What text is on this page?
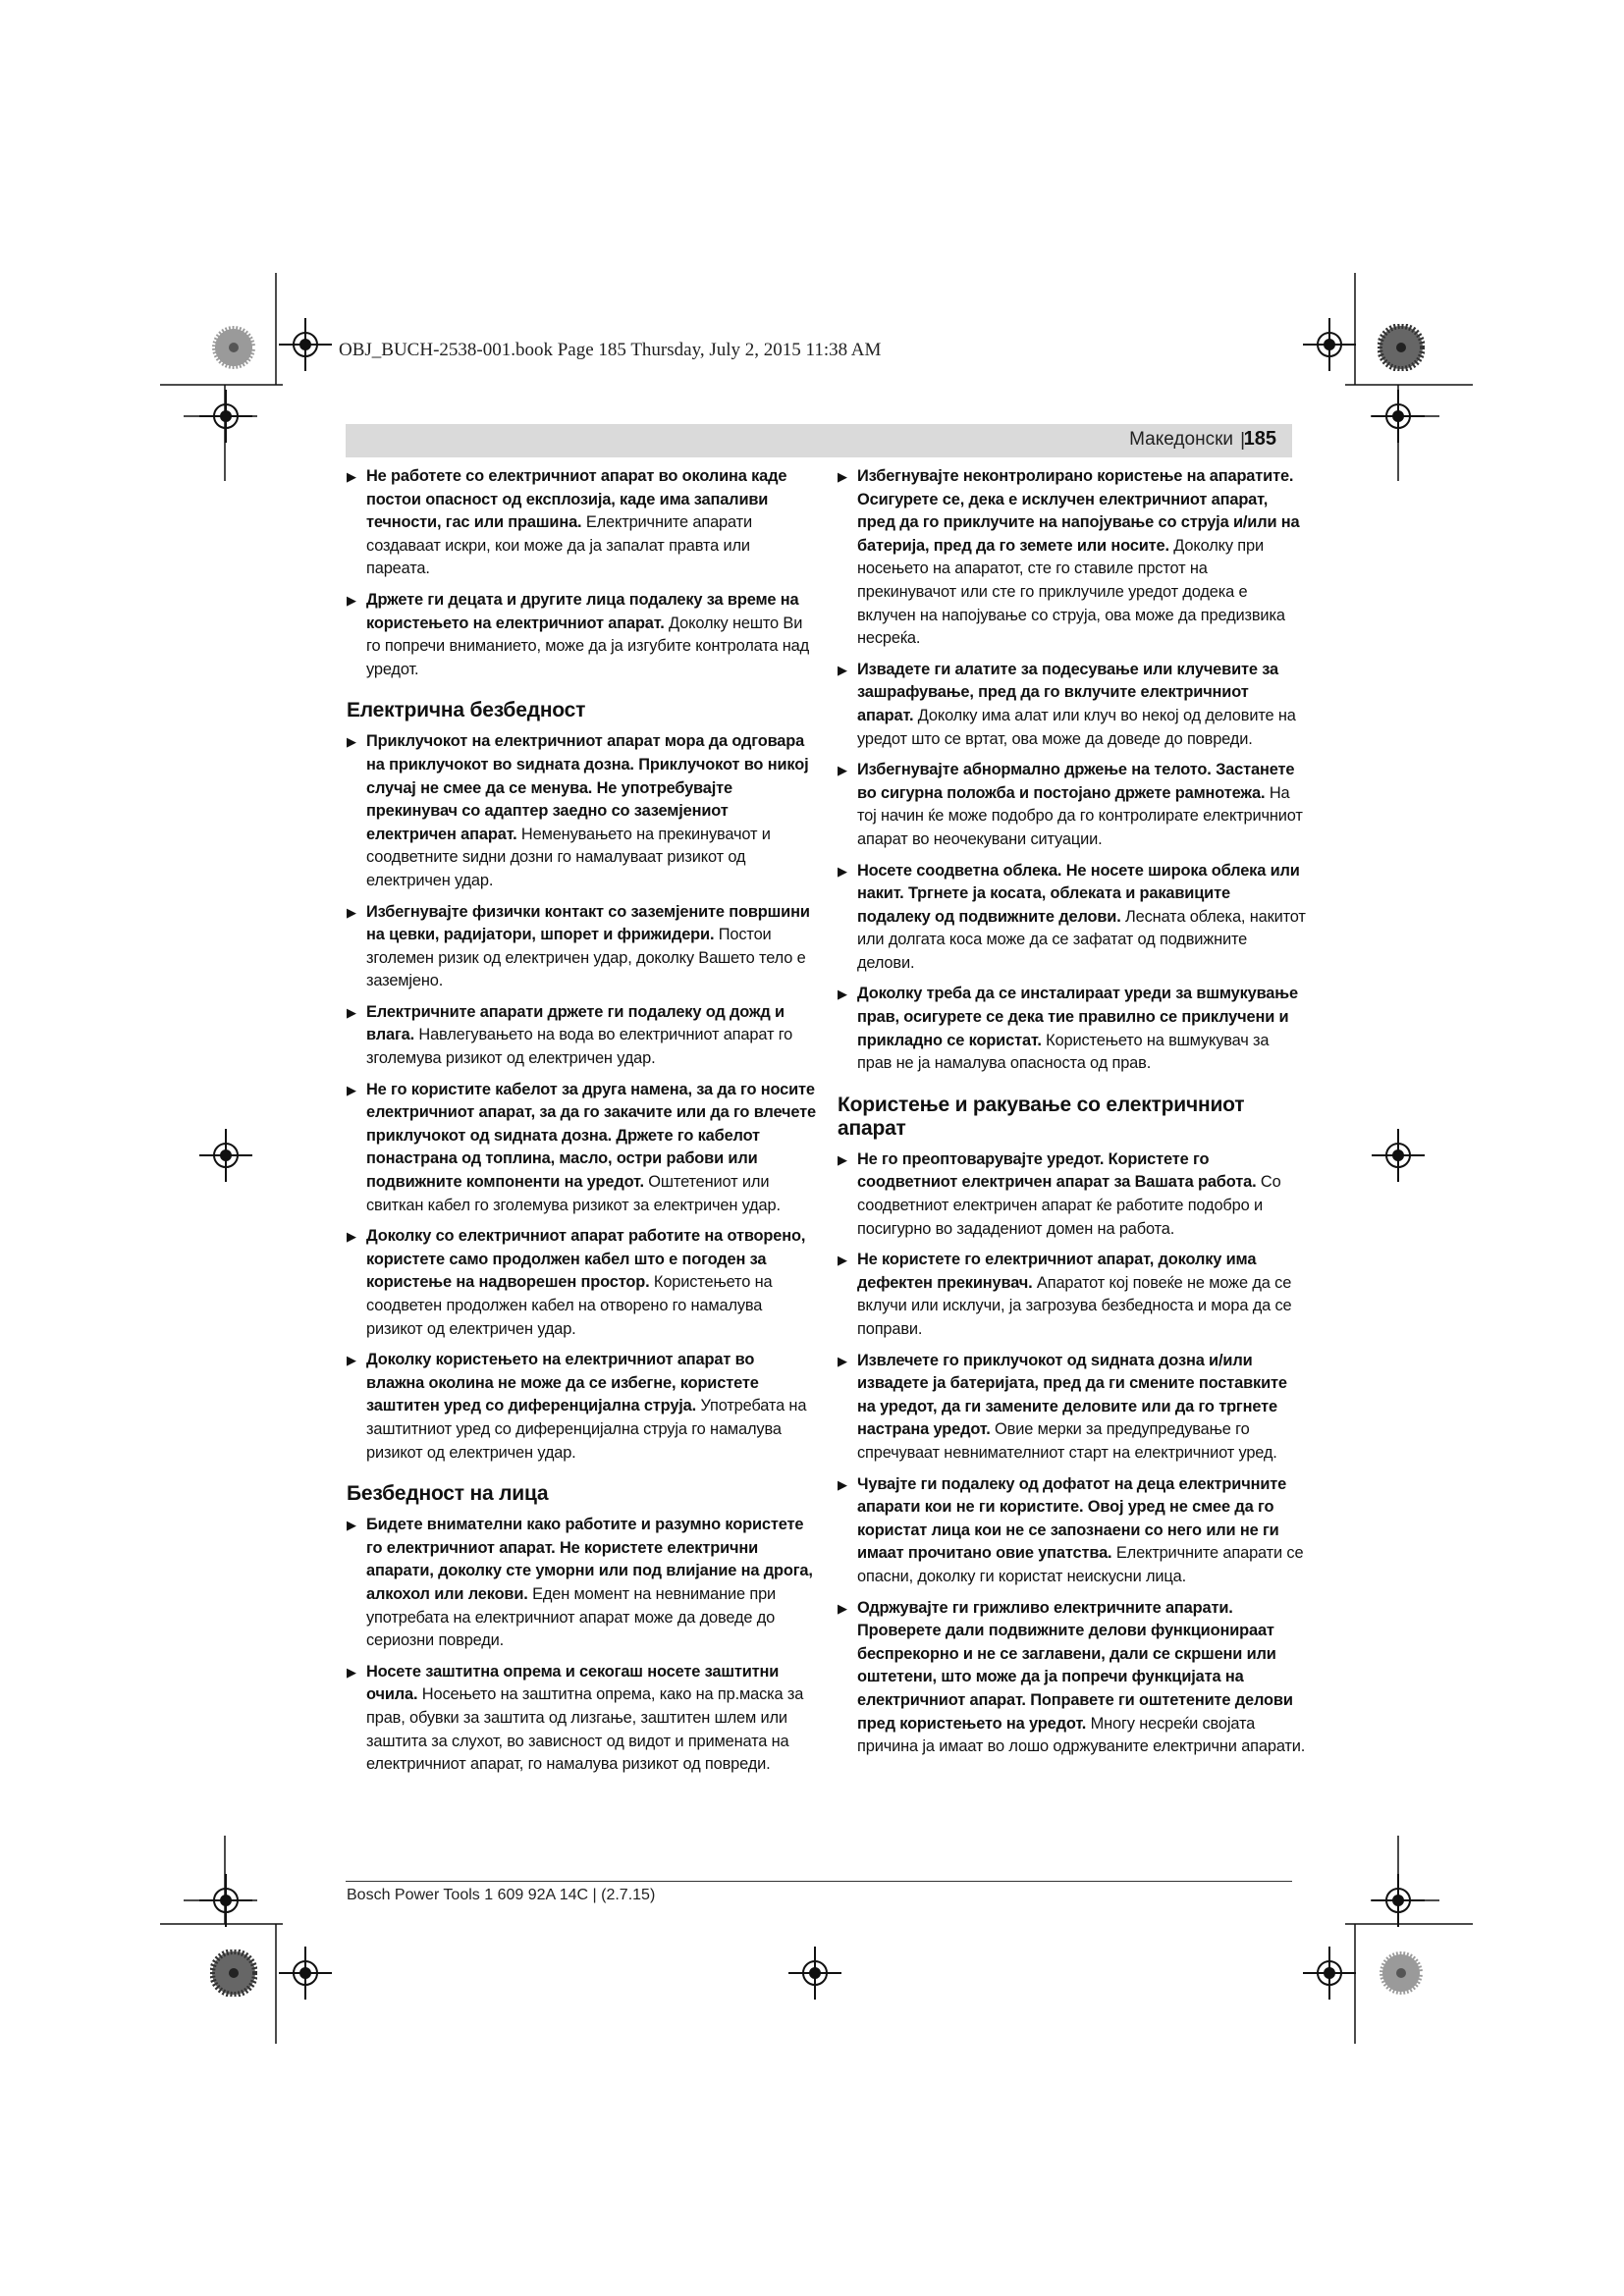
OBJ_BUCH-2538-001.book Page 185 Thursday, July 2, 2015 11:38 AM
Македонски |
185
▶ Не работете со електричниот апарат во околина каде постои опасност од експлозија, каде има запаливи течности, гас или прашина. Електричните апарати создаваат искри, кои може да ја запалат правта или пареата.
▶ Држете ги децата и другите лица подалеку за време на користењето на електричниот апарат. Доколку нешто Ви го попречи вниманието, може да ја изгубите контролата над уредот.
Електрична безбедност
▶ Приклучокот на електричниот апарат мора да одговара на приклучокот во ѕидната дозна. Приклучокот во никој случај не смее да се менува. Не употребувајте прекинувач со адаптер заедно со заземјениот електричен апарат. Неменувањето на прекинувачот и соодветните ѕидни дозни го намалуваат ризикот од електричен удар.
▶ Избегнувајте физички контакт со заземјените површини на цевки, радијатори, шпорет и фрижидери. Постои зголемен ризик од електричен удар, доколку Вашето тело е заземјено.
▶ Електричните апарати држете ги подалеку од дожд и влага. Навлегувањето на вода во електричниот апарат го зголемува ризикот од електричен удар.
▶ Не го користите кабелот за друга намена, за да го носите електричниот апарат, за да го закачите или да го влечете приклучокот од ѕидната дозна. Држете го кабелот понастрана од топлина, масло, остри рабови или подвижните компоненти на уредот. Оштетениот или свиткан кабел го зголемува ризикот за електричен удар.
▶ Доколку со електричниот апарат работите на отворено, користете само продолжен кабел што е погоден за користење на надворешен простор. Користењето на соодветен продолжен кабел на отворено го намалува ризикот од електричен удар.
▶ Доколку користењето на електричниот апарат во влажна околина не може да се избегне, користете заштитен уред со диференцијална струја. Употребата на заштитниот уред со диференцијална струја го намалува ризикот од електричен удар.
Безбедност на лица
▶ Бидете внимателни како работите и разумно користете го електричниот апарат. Не користете електрични апарати, доколку сте уморни или под влијание на дрога, алкохол или лекови. Еден момент на невнимание при употребата на електричниот апарат може да доведе до сериозни повреди.
▶ Носете заштитна опрема и секогаш носете заштитни очила. Носењето на заштитна опрема, како на пр.маска за прав, обувки за заштита од лизгање, заштитен шлем или заштита за слухот, во зависност од видот и примената на електричниот апарат, го намалува ризикот од повреди.
▶ Избегнувајте неконтролирано користење на апаратите. Осигурете се, дека е исклучен електричниот апарат, пред да го приклучите на напојување со струја и/или на батерија, пред да го земете или носите. Доколку при носењето на апаратот, сте го ставиле прстот на прекинувачот или сте го приклучиле уредот додека е вклучен на напојување со струја, ова може да предизвика несреќа.
▶ Извадете ги алатите за подесување или клучевите за зашрафување, пред да го вклучите електричниот апарат. Доколку има алат или клуч во некој од деловите на уредот што се вртат, ова може да доведе до повреди.
▶ Избегнувајте абнормално држење на телото. Застанете во сигурна положба и постојано држете рамнотежа. На тој начин ќе може подобро да го контролирате електричниот апарат во неочекувани ситуации.
▶ Носете соодветна облека. Не носете широка облека или накит. Тргнете ја косата, облеката и ракавиците подалеку од подвижните делови. Лесната облека, накитот или долгата коса може да се зафатат од подвижните делови.
▶ Доколку треба да се инсталираат уреди за вшмукување прав, осигурете се дека тие правилно се приклучени и прикладно се користат. Користењето на вшмукувач за прав не ја намалува опасноста од прав.
Користење и ракување со електричниот апарат
▶ Не го преоптоварувајте уредот. Користете го соодветниот електричен апарат за Вашата работа. Со соодветниот електричен апарат ќе работите подобро и посигурно во зададениот домен на работа.
▶ Не користете го електричниот апарат, доколку има дефектен прекинувач. Апаратот кој повеќе не може да се вклучи или исклучи, ја загрозува безбедноста и мора да се поправи.
▶ Извлечете го приклучокот од ѕидната дозна и/или извадете ја батеријата, пред да ги смените поставките на уредот, да ги замените деловите или да го тргнете настрана уредот. Овие мерки за предупредување го спречуваат невнимателниот старт на електричниот уред.
▶ Чувајте ги подалеку од дофатот на деца електричните апарати кои не ги користите. Овој уред не смее да го користат лица кои не се запознаени со него или не ги имаат прочитано овие упатства. Електричните апарати се опасни, доколку ги користат неискусни лица.
▶ Одржувајте ги грижливо електричните апарати. Проверете дали подвижните делови функционираат беспрекорно и не се заглавени, дали се скршени или оштетени, што може да ја попречи функцијата на електричниот апарат. Поправете ги оштетените делови пред користењето на уредот. Многу несреќи својата причина ја имаат во лошо одржуваните електрични апарати.
Bosch Power Tools 1 609 92A 14C | (2.7.15)
